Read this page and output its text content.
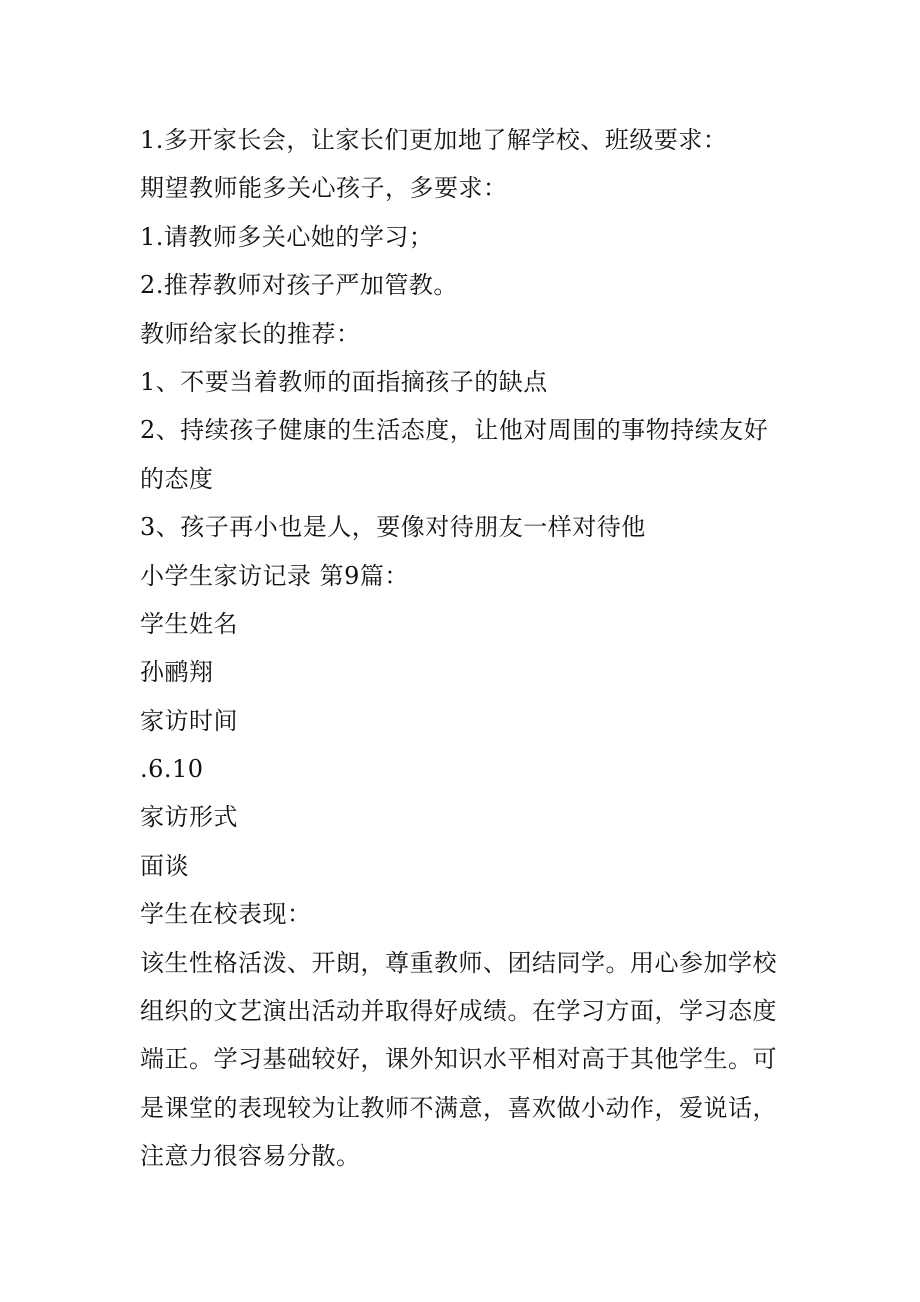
1.多开家长会，让家长们更加地了解学校、班级要求：
期望教师能多关心孩子，多要求：
1.请教师多关心她的学习；
2.推荐教师对孩子严加管教。
教师给家长的推荐：
1、不要当着教师的面指摘孩子的缺点
2、持续孩子健康的生活态度，让他对周围的事物持续友好
的态度
3、孩子再小也是人，要像对待朋友一样对待他
小学生家访记录 第9篇：
学生姓名
孙鹂翔
家访时间
.6.10
家访形式
面谈
学生在校表现：
该生性格活泼、开朗，尊重教师、团结同学。用心参加学校
组织的文艺演出活动并取得好成绩。在学习方面，学习态度
端正。学习基础较好，课外知识水平相对高于其他学生。可
是课堂的表现较为让教师不满意，喜欢做小动作，爱说话，
注意力很容易分散。
